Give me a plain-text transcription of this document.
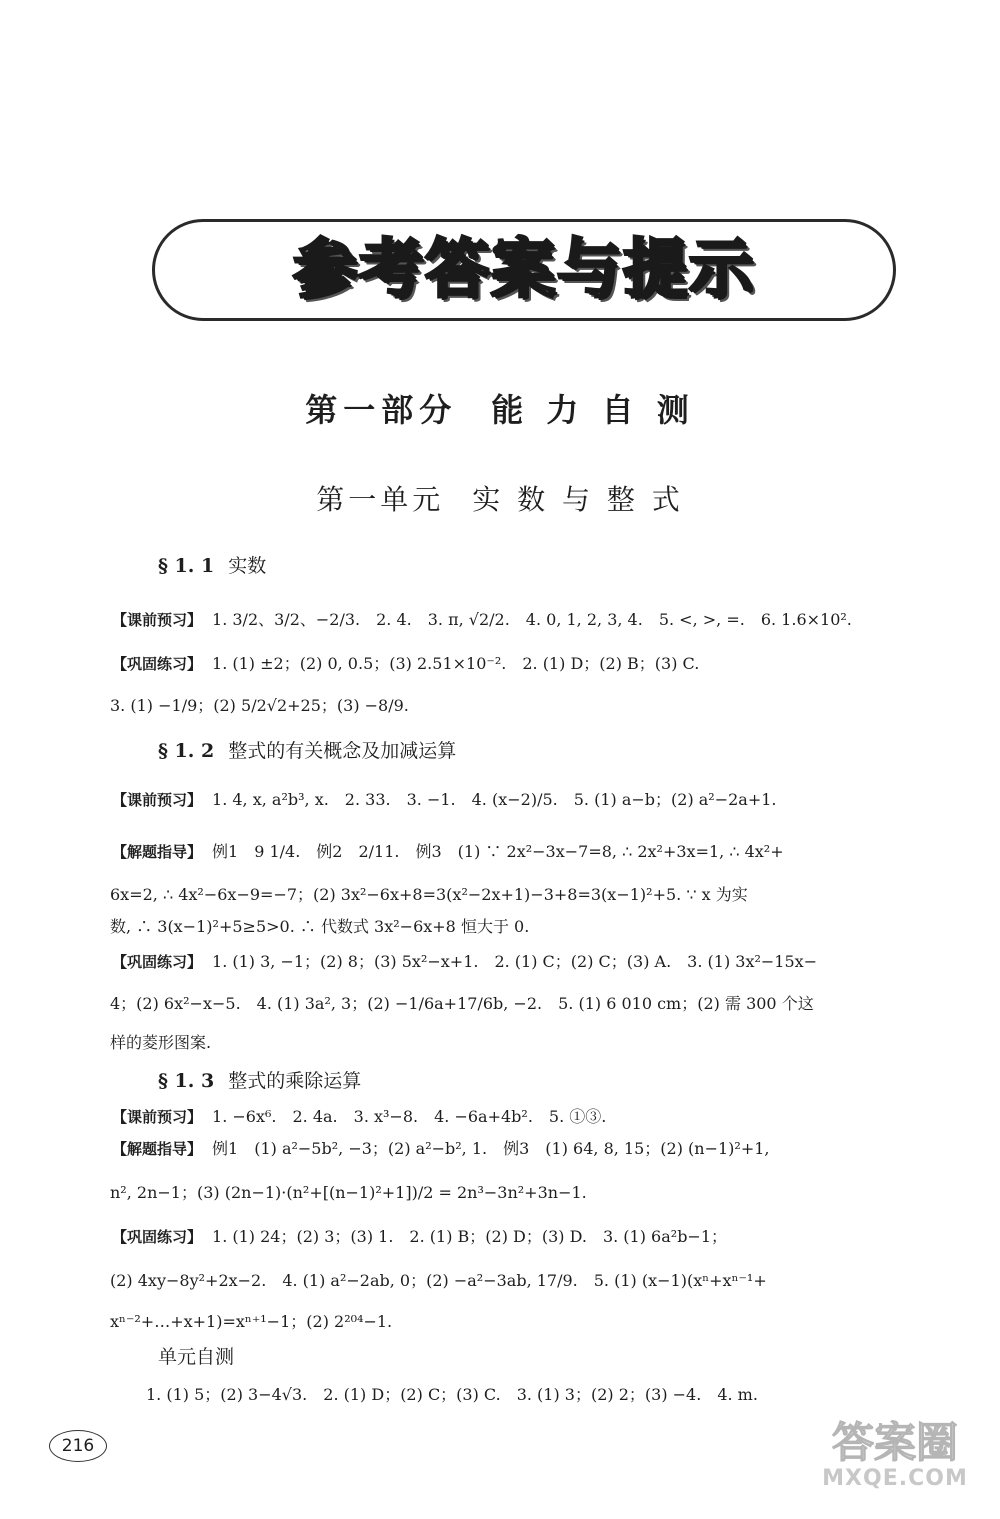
参考答案与提示
第一部分 能 力 自 测
第一单元 实 数 与 整 式
§ 1. 1 实数
【课前预习】 1. 3/2、3/2、−2/3.　2. 4.　3. π, √2/2.　4. 0, 1, 2, 3, 4.　5. <, >, =.　6. 1.6×10².
【巩固练习】 1. (1) ±2；(2) 0, 0.5；(3) 2.51×10⁻².　2. (1) D；(2) B；(3) C.
3. (1) −1/9；(2) 5/2√2+25；(3) −8/9.
§ 1. 2 整式的有关概念及加减运算
【课前预习】 1. 4, x, a²b³, x.　2. 33.　3. −1.　4. (x−2)/5.　5. (1) a−b；(2) a²−2a+1.
【解题指导】 例1　9 1/4.　例2　2/11.　例3　(1) ∵ 2x²−3x−7=8, ∴ 2x²+3x=1, ∴ 4x²+
6x=2, ∴ 4x²−6x−9=−7；(2) 3x²−6x+8=3(x²−2x+1)−3+8=3(x−1)²+5. ∵ x 为实
数, ∴ 3(x−1)²+5≥5>0. ∴ 代数式 3x²−6x+8 恒大于 0.
【巩固练习】 1. (1) 3, −1；(2) 8；(3) 5x²−x+1.　2. (1) C；(2) C；(3) A.　3. (1) 3x²−15x−
4；(2) 6x²−x−5.　4. (1) 3a², 3；(2) −1/6a+17/6b, −2.　5. (1) 6 010 cm；(2) 需 300 个这
样的菱形图案.
§ 1. 3 整式的乘除运算
【课前预习】 1. −6x⁶.　2. 4a.　3. x³−8.　4. −6a+4b².　5. ①③.
【解题指导】 例1　(1) a²−5b², −3；(2) a²−b², 1.　例3　(1) 64, 8, 15；(2) (n−1)²+1,
n², 2n−1；(3) (2n−1)·(n²+[(n−1)²+1])/2 = 2n³−3n²+3n−1.
【巩固练习】 1. (1) 24；(2) 3；(3) 1.　2. (1) B；(2) D；(3) D.　3. (1) 6a²b−1；
(2) 4xy−8y²+2x−2.　4. (1) a²−2ab, 0；(2) −a²−3ab, 17/9.　5. (1) (x−1)(xⁿ+xⁿ⁻¹+
xⁿ⁻²+…+x+1)=xⁿ⁺¹−1；(2) 2²⁰⁴−1.
单元自测
1. (1) 5；(2) 3−4√3.　2. (1) D；(2) C；(3) C.　3. (1) 3；(2) 2；(3) −4.　4. m.
216	答案圈
MXQE.COM
